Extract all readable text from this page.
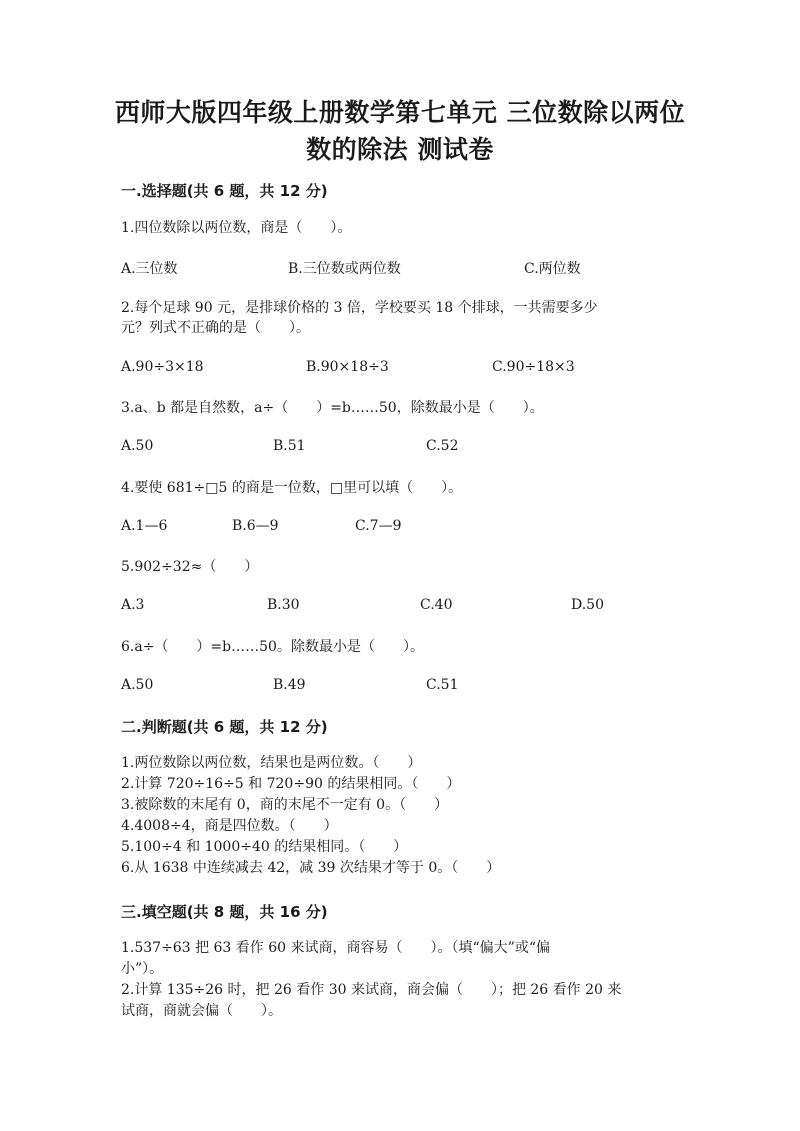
西师大版四年级上册数学第七单元 三位数除以两位
数的除法 测试卷
一.选择题(共 6 题，共 12 分)
1.四位数除以两位数，商是（　　）。
A.三位数	B.三位数或两位数	C.两位数
2.每个足球 90 元，是排球价格的 3 倍，学校要买 18 个排球，一共需要多少
元？列式不正确的是（　　）。
A.90÷3×18	B.90×18÷3	C.90÷18×3
3.a、b 都是自然数，a÷（　　）=b……50，除数最小是（　　）。
A.50	B.51	C.52
4.要使 681÷□5 的商是一位数，□里可以填（　　）。
A.1—6	B.6—9	C.7—9
5.902÷32≈（　　）
A.3	B.30	C.40	D.50
6.a÷（　　）=b……50。除数最小是（　　）。
A.50	B.49	C.51
二.判断题(共 6 题，共 12 分)
1.两位数除以两位数，结果也是两位数。（　　）
2.计算 720÷16÷5 和 720÷90 的结果相同。（　　）
3.被除数的末尾有 0，商的末尾不一定有 0。（　　）
4.4008÷4，商是四位数。（　　）
5.100÷4 和 1000÷40 的结果相同。（　　）
6.从 1638 中连续减去 42，减 39 次结果才等于 0。（　　）
三.填空题(共 8 题，共 16 分)
1.537÷63 把 63 看作 60 来试商，商容易（　　）。（填“偏大”或“偏
小”）。
2.计算 135÷26 时，把 26 看作 30 来试商，商会偏（　　）；把 26 看作 20 来
试商，商就会偏（　　）。
